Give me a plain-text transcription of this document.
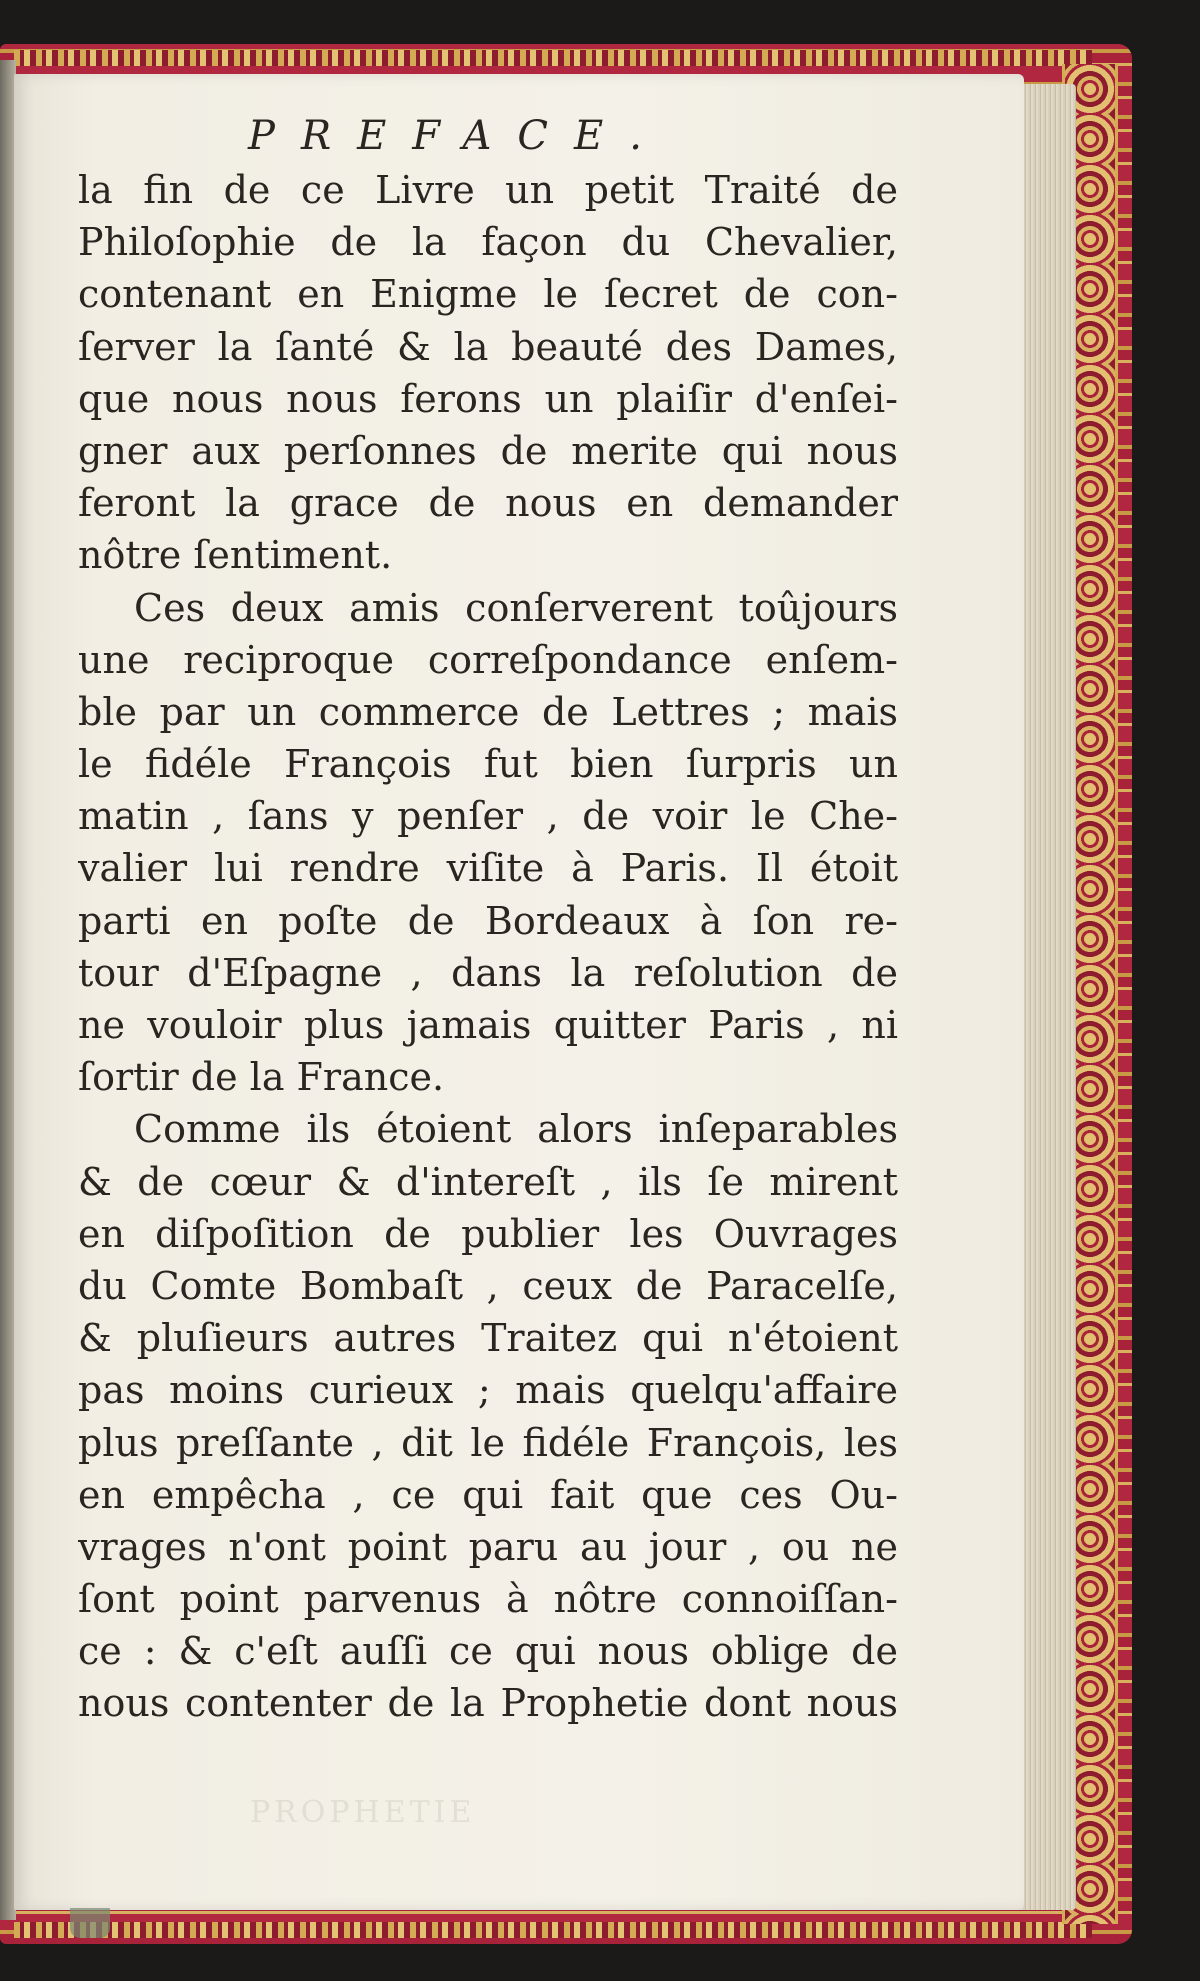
PREFACE.
la fin de ce Livre un petit Traité de
Philoſophie de la façon du Chevalier,
contenant en Enigme le ſecret de con-
ſerver la ſanté & la beauté des Dames,
que nous nous ferons un plaiſir d'enſei-
gner aux perſonnes de merite qui nous
feront la grace de nous en demander
nôtre ſentiment.
Ces deux amis conſerverent toûjours
une reciproque correſpondance enſem-
ble par un commerce de Lettres ; mais
le fidéle François fut bien ſurpris un
matin , ſans y penſer , de voir le Che-
valier lui rendre viſite à Paris. Il étoit
parti en poſte de Bordeaux à ſon re-
tour d'Eſpagne , dans la reſolution de
ne vouloir plus jamais quitter Paris , ni
ſortir de la France.
Comme ils étoient alors inſeparables
& de cœur & d'intereſt , ils ſe mirent
en diſpoſition de publier les Ouvrages
du Comte Bombaſt , ceux de Paracelſe,
& pluſieurs autres Traitez qui n'étoient
pas moins curieux ; mais quelqu'affaire
plus preſſante , dit le fidéle François, les
en empêcha , ce qui fait que ces Ou-
vrages n'ont point paru au jour , ou ne
ſont point parvenus à nôtre connoiſſan-
ce : & c'eſt auſſi ce qui nous oblige de
nous contenter de la Prophetie dont nous
PROPHETIE
